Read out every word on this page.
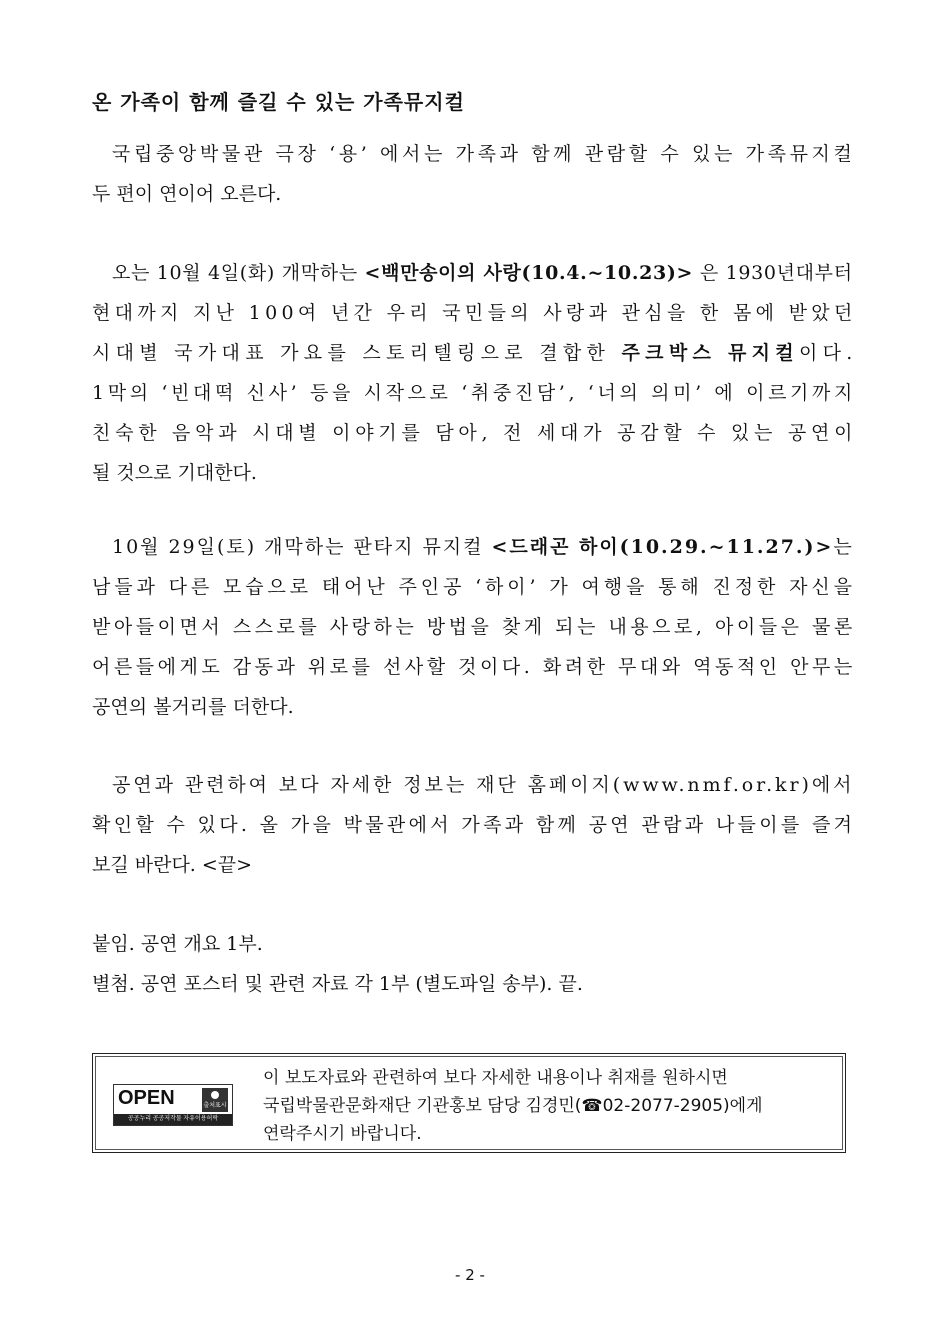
온 가족이 함께 즐길 수 있는 가족뮤지컬
국립중앙박물관 극장 ‘용’ 에서는 가족과 함께 관람할 수 있는 가족뮤지컬
두 편이 연이어 오른다.
오는 10월 4일(화) 개막하는 <백만송이의 사랑(10.4.~10.23)> 은 1930년대부터
현대까지 지난 100여 년간 우리 국민들의 사랑과 관심을 한 몸에 받았던
시대별 국가대표 가요를 스토리텔링으로 결합한 주크박스 뮤지컬이다.
1막의 ‘빈대떡 신사’ 등을 시작으로 ‘취중진담’, ‘너의 의미’ 에 이르기까지
친숙한 음악과 시대별 이야기를 담아, 전 세대가 공감할 수 있는 공연이
될 것으로 기대한다.
10월 29일(토) 개막하는 판타지 뮤지컬 <드래곤 하이(10.29.~11.27.)>는
남들과 다른 모습으로 태어난 주인공 ‘하이’ 가 여행을 통해 진정한 자신을
받아들이면서 스스로를 사랑하는 방법을 찾게 되는 내용으로, 아이들은 물론
어른들에게도 감동과 위로를 선사할 것이다. 화려한 무대와 역동적인 안무는
공연의 볼거리를 더한다.
공연과 관련하여 보다 자세한 정보는 재단 홈페이지(www.nmf.or.kr)에서
확인할 수 있다. 올 가을 박물관에서 가족과 함께 공연 관람과 나들이를 즐겨
보길 바란다. <끝>
붙임. 공연 개요 1부.
별첨. 공연 포스터 및 관련 자료 각 1부 (별도파일 송부). 끝.
OPEN	출처표시
공공누리 공공저작물 자유이용허락
이 보도자료와 관련하여 보다 자세한 내용이나 취재를 원하시면
국립박물관문화재단 기관홍보 담당 김경민(☎02-2077-2905)에게
연락주시기 바랍니다.
- 2 -
